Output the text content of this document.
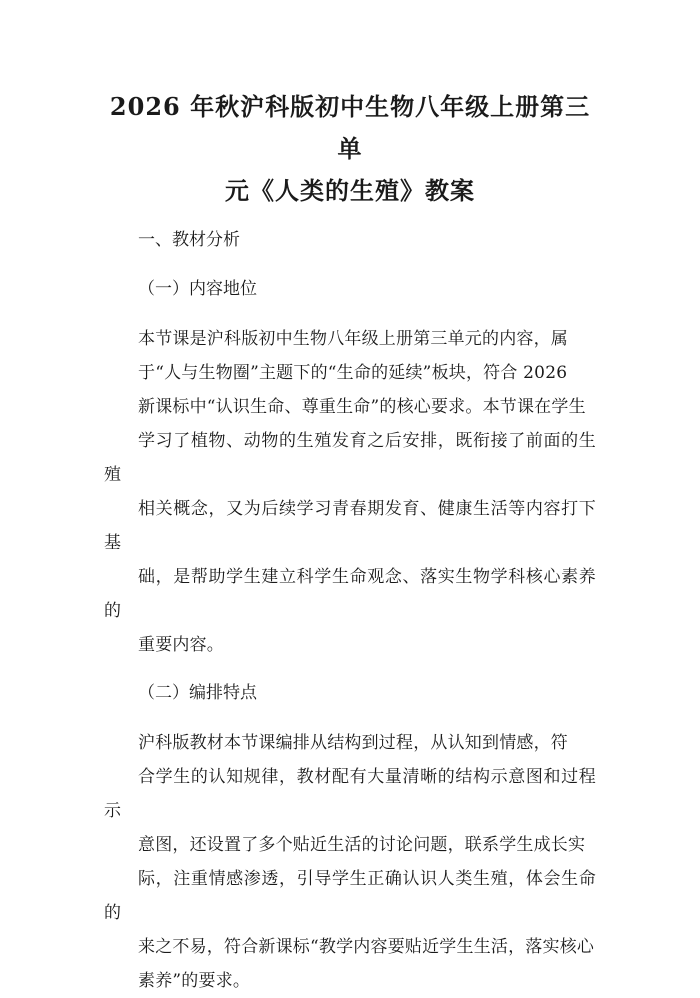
2026 年秋沪科版初中生物八年级上册第三单
元《人类的生殖》教案
一、教材分析
（一）内容地位

本节课是沪科版初中生物八年级上册第三单元的内容，属
于“人与生物圈”主题下的“生命的延续”板块，符合 2026
新课标中“认识生命、尊重生命”的核心要求。本节课在学生
学习了植物、动物的生殖发育之后安排，既衔接了前面的生殖
相关概念，又为后续学习青春期发育、健康生活等内容打下基
础，是帮助学生建立科学生命观念、落实生物学科核心素养的
重要内容。

（二）编排特点

沪科版教材本节课编排从结构到过程，从认知到情感，符
合学生的认知规律，教材配有大量清晰的结构示意图和过程示
意图，还设置了多个贴近生活的讨论问题，联系学生成长实
际，注重情感渗透，引导学生正确认识人类生殖，体会生命的
来之不易，符合新课标“教学内容要贴近学生生活，落实核心
素养”的要求。
